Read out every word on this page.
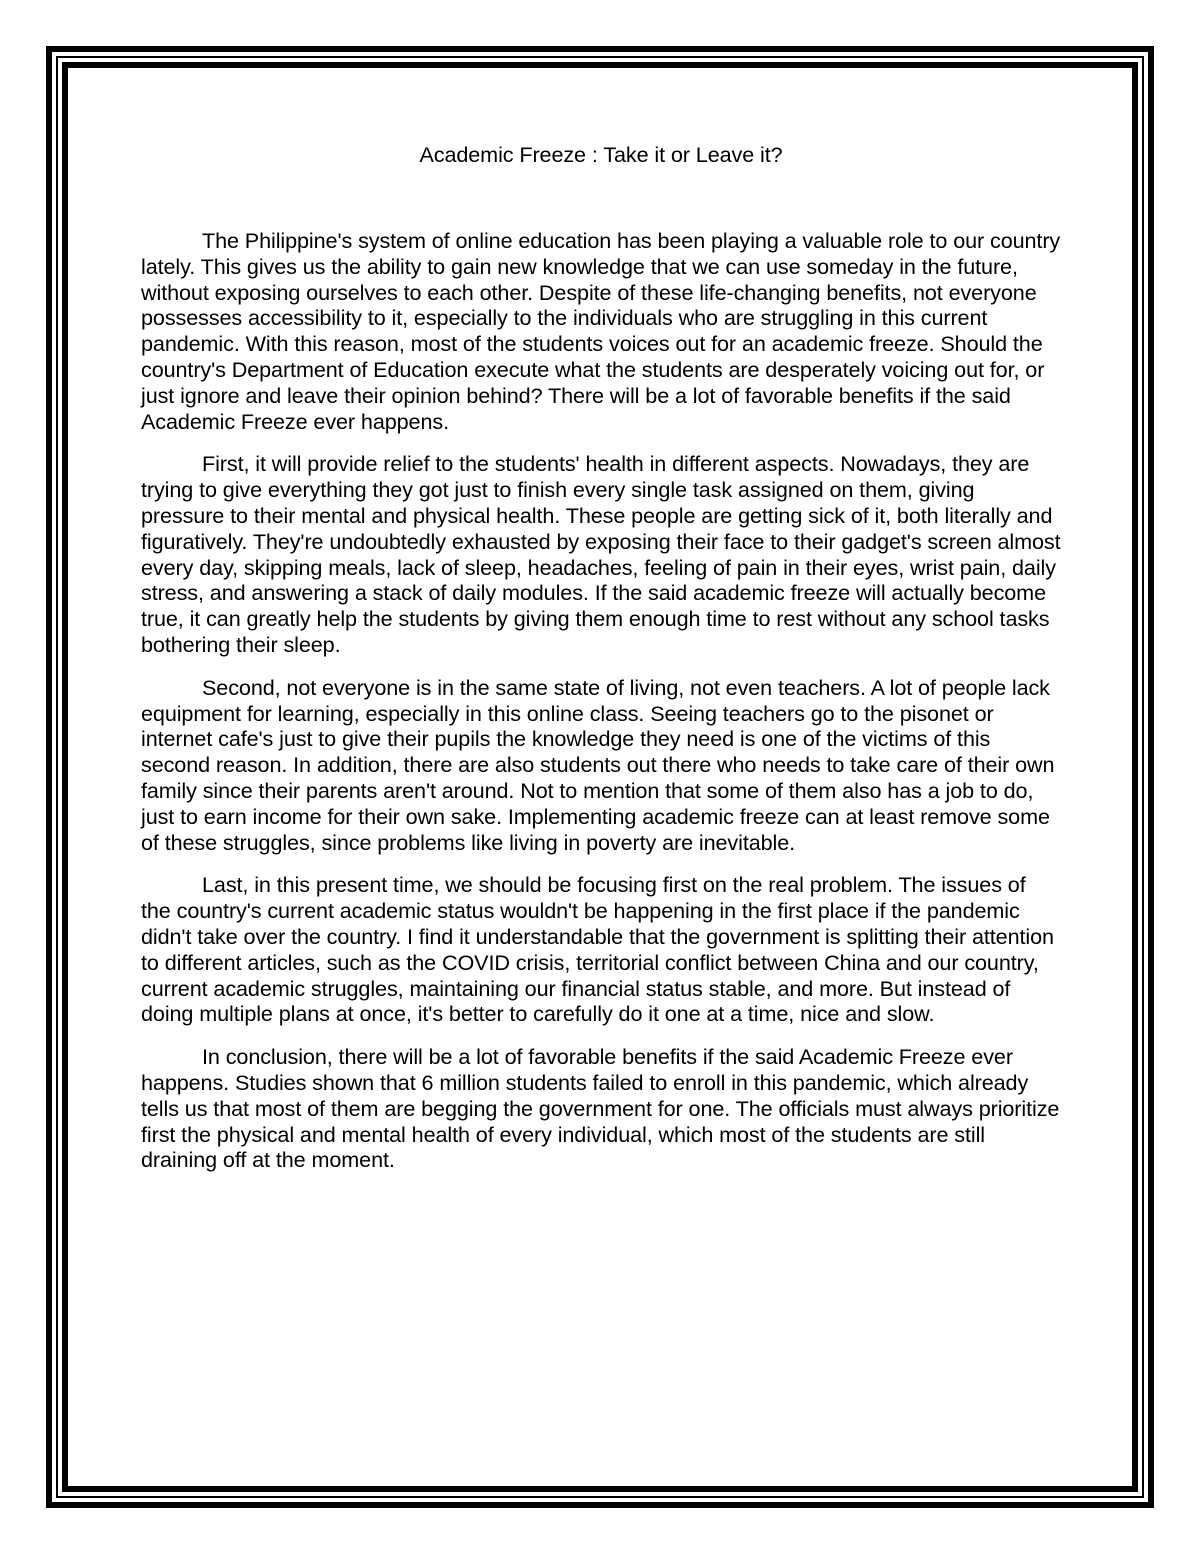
Academic Freeze : Take it or Leave it?

The Philippine's system of online education has been playing a valuable role to our country lately. This gives us the ability to gain new knowledge that we can use someday in the future, without exposing ourselves to each other. Despite of these life-changing benefits, not everyone possesses accessibility to it, especially to the individuals who are struggling in this current pandemic. With this reason, most of the students voices out for an academic freeze. Should the country's Department of Education execute what the students are desperately voicing out for, or just ignore and leave their opinion behind? There will be a lot of favorable benefits if the said Academic Freeze ever happens.

First, it will provide relief to the students' health in different aspects. Nowadays, they are trying to give everything they got just to finish every single task assigned on them, giving pressure to their mental and physical health. These people are getting sick of it, both literally and figuratively. They're undoubtedly exhausted by exposing their face to their gadget's screen almost every day, skipping meals, lack of sleep, headaches, feeling of pain in their eyes, wrist pain, daily stress, and answering a stack of daily modules. If the said academic freeze will actually become true, it can greatly help the students by giving them enough time to rest without any school tasks bothering their sleep.

Second, not everyone is in the same state of living, not even teachers. A lot of people lack equipment for learning, especially in this online class. Seeing teachers go to the pisonet or internet cafe's just to give their pupils the knowledge they need is one of the victims of this second reason. In addition, there are also students out there who needs to take care of their own family since their parents aren't around. Not to mention that some of them also has a job to do, just to earn income for their own sake. Implementing academic freeze can at least remove some of these struggles, since problems like living in poverty are inevitable.

Last, in this present time, we should be focusing first on the real problem. The issues of the country's current academic status wouldn't be happening in the first place if the pandemic didn't take over the country. I find it understandable that the government is splitting their attention to different articles, such as the COVID crisis, territorial conflict between China and our country, current academic struggles, maintaining our financial status stable, and more. But instead of doing multiple plans at once, it's better to carefully do it one at a time, nice and slow.

In conclusion, there will be a lot of favorable benefits if the said Academic Freeze ever happens. Studies shown that 6 million students failed to enroll in this pandemic, which already tells us that most of them are begging the government for one. The officials must always prioritize first the physical and mental health of every individual, which most of the students are still draining off at the moment.
